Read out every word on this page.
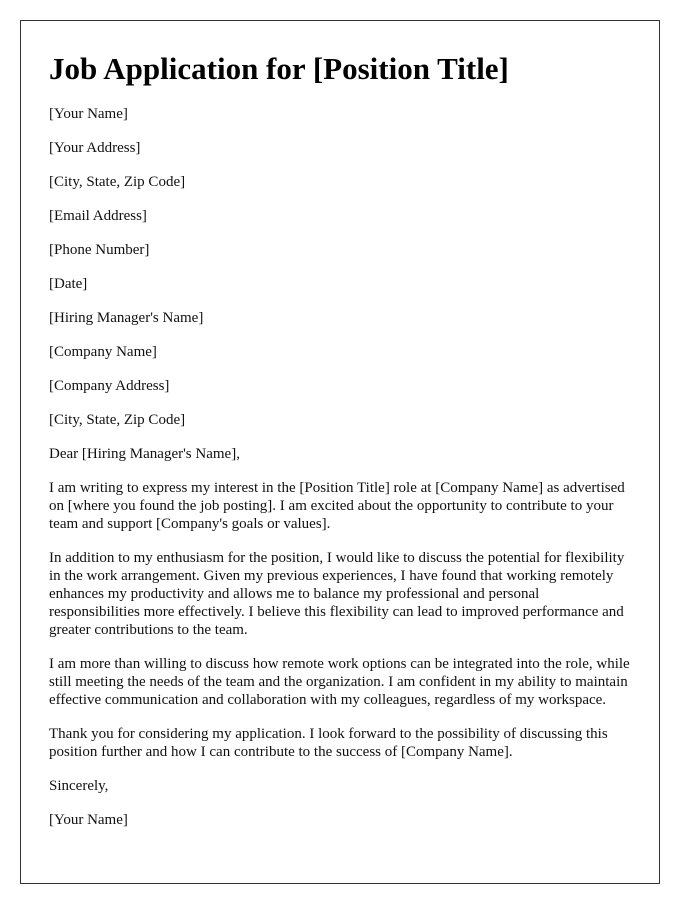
Job Application for [Position Title]

[Your Name]

[Your Address]

[City, State, Zip Code]

[Email Address]

[Phone Number]

[Date]

[Hiring Manager's Name]

[Company Name]

[Company Address]

[City, State, Zip Code]

Dear [Hiring Manager's Name],

I am writing to express my interest in the [Position Title] role at [Company Name] as advertised on [where you found the job posting]. I am excited about the opportunity to contribute to your team and support [Company's goals or values].

In addition to my enthusiasm for the position, I would like to discuss the potential for flexibility in the work arrangement. Given my previous experiences, I have found that working remotely enhances my productivity and allows me to balance my professional and personal responsibilities more effectively. I believe this flexibility can lead to improved performance and greater contributions to the team.

I am more than willing to discuss how remote work options can be integrated into the role, while still meeting the needs of the team and the organization. I am confident in my ability to maintain effective communication and collaboration with my colleagues, regardless of my workspace.

Thank you for considering my application. I look forward to the possibility of discussing this position further and how I can contribute to the success of [Company Name].

Sincerely,

[Your Name]
